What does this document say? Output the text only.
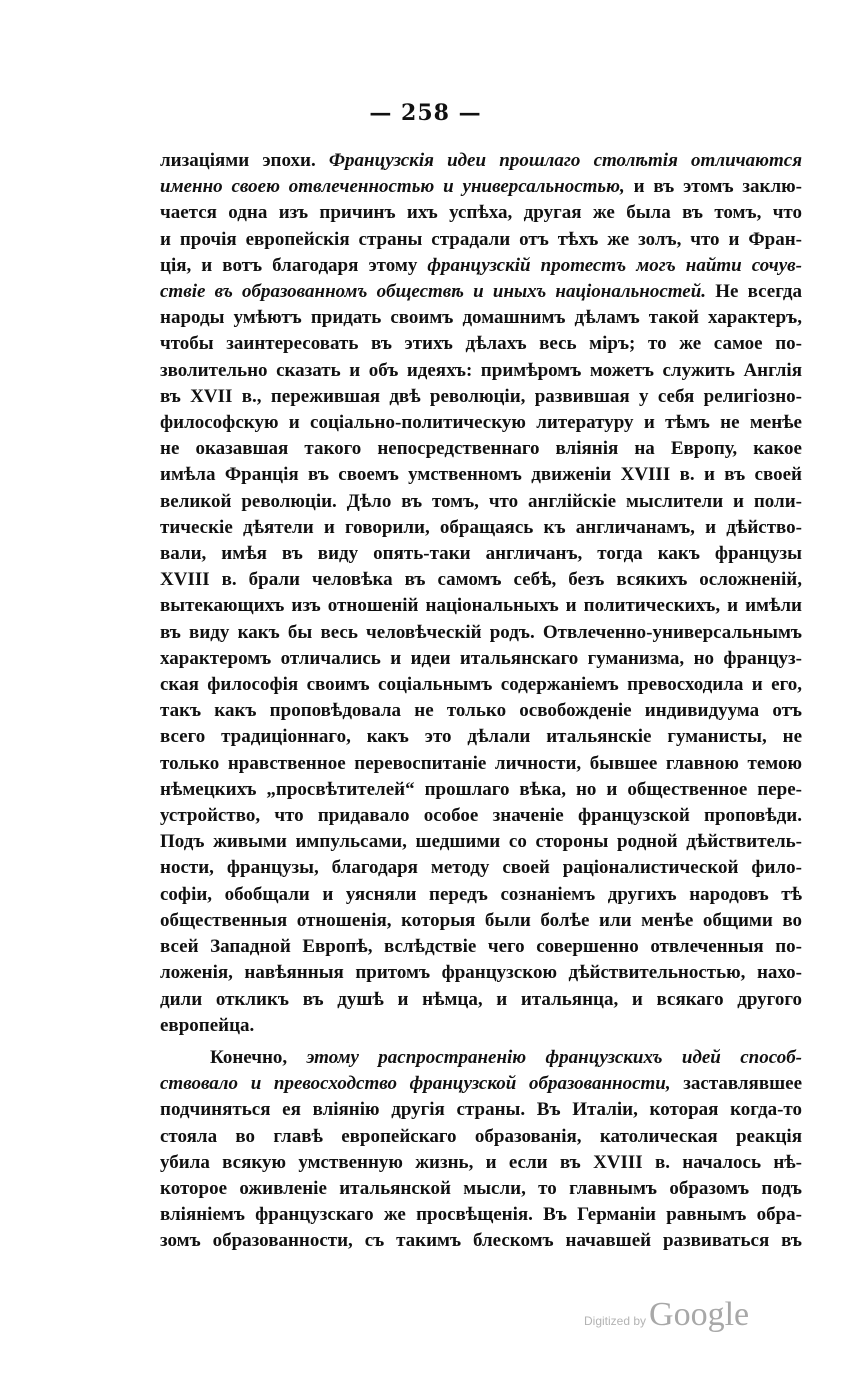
— 258 —

лизаціями эпохи. Французскія идеи прошлаго столѣтія отличаются

именно своею отвлеченностью и универсальностью, и въ этомъ заклю-

чается одна изъ причинъ ихъ успѣха, другая же была въ томъ, что

и прочія европейскія страны страдали отъ тѣхъ же золъ, что и Фран-

ція, и вотъ благодаря этому французскій протестъ могъ найти сочув-

ствіе въ образованномъ обществѣ и иныхъ національностей. Не всегда

народы умѣютъ придать своимъ домашнимъ дѣламъ такой характеръ,

чтобы заинтересовать въ этихъ дѣлахъ весь міръ; то же самое по-

зволительно сказать и объ идеяхъ: примѣромъ можетъ служить Англія

въ XVII в., пережившая двѣ революціи, развившая у себя религіозно-

философскую и соціально-политическую литературу и тѣмъ не менѣе

не оказавшая такого непосредственнаго вліянія на Европу, какое

имѣла Франція въ своемъ умственномъ движеніи XVIII в. и въ своей

великой революціи. Дѣло въ томъ, что англійскіе мыслители и поли-

тическіе дѣятели и говорили, обращаясь къ англичанамъ, и дѣйство-

вали, имѣя въ виду опять-таки англичанъ, тогда какъ французы

XVIII в. брали человѣка въ самомъ себѣ, безъ всякихъ осложненій,

вытекающихъ изъ отношеній національныхъ и политическихъ, и имѣли

въ виду какъ бы весь человѣческій родъ. Отвлеченно-универсальнымъ

характеромъ отличались и идеи итальянскаго гуманизма, но француз-

ская философія своимъ соціальнымъ содержаніемъ превосходила и его,

такъ какъ проповѣдовала не только освобожденіе индивидуума отъ

всего традиціоннаго, какъ это дѣлали итальянскіе гуманисты, не

только нравственное перевоспитаніе личности, бывшее главною темою

нѣмецкихъ „просвѣтителей“ прошлаго вѣка, но и общественное пере-

устройство, что придавало особое значеніе французской проповѣди.

Подъ живыми импульсами, шедшими со стороны родной дѣйствитель-

ности, французы, благодаря методу своей раціоналистической фило-

софіи, обобщали и уясняли передъ сознаніемъ другихъ народовъ тѣ

общественныя отношенія, которыя были болѣе или менѣе общими во

всей Западной Европѣ, вслѣдствіе чего совершенно отвлеченныя по-

ложенія, навѣянныя притомъ французскою дѣйствительностью, нахо-

дили откликъ въ душѣ и нѣмца, и итальянца, и всякаго другого

европейца.

Конечно, этому распространенію французскихъ идей способ-

ствовало и превосходство французской образованности, заставлявшее

подчиняться ея вліянію другія страны. Въ Италіи, которая когда-то

стояла во главѣ европейскаго образованія, католическая реакція

убила всякую умственную жизнь, и если въ XVIII в. началось нѣ-

которое оживленіе итальянской мысли, то главнымъ образомъ подъ

вліяніемъ французскаго же просвѣщенія. Въ Германіи равнымъ обра-

зомъ образованности, съ такимъ блескомъ начавшей развиваться въ

Digitized by Google
